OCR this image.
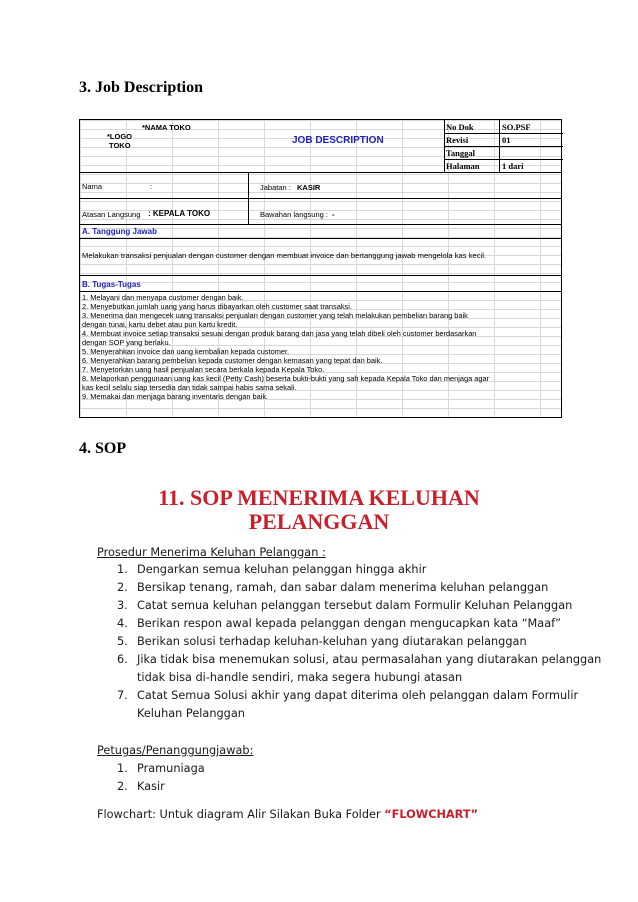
3. Job Description
*NAMA TOKO
*LOGO
TOKO	JOB DESCRIPTION
No Dok	SO.PSF
Revisi	01
Tanggal
Halaman	1 dari
Nama	:	Jabatan : KASIR
Atasan Langsung : KEPALA TOKO	Bawahan langsung : -
A. Tanggung Jawab
Melakukan transaksi penjualan dengan customer dengan membuat invoice dan bertanggung jawab mengelola kas kecil.
B. Tugas-Tugas
1. Melayani dan menyapa customer dengan baik.
2. Menyebutkan jumlah uang yang harus dibayarkan oleh customer saat transaksi.
3. Menerima dan mengecek uang transaksi penjualan dengan customer yang telah melakukan pembelian barang baik
dengan tunai, kartu debet atau pun kartu kredit.
4. Membuat invoice setiap transaksi sesuai dengan produk barang dan jasa yang telah dibeli oleh customer berdasarkan
dengan SOP yang berlaku.
5. Menyerahkan invoice dan uang kembalian kepada customer.
6. Menyerahkan barang pembelian kepada customer dengan kemasan yang tepat dan baik.
7. Menyetorkan uang hasil penjualan secara berkala kepada Kepala Toko.
8. Melaporkan penggunaan uang kas kecil (Petty Cash) beserta bukti-bukti yang sah kepada Kepala Toko dan menjaga agar
kas kecil selalu siap tersedia dan tidak sampai habis sama sekali.
9. Memakai dan menjaga barang inventaris dengan baik.
4. SOP
11. SOP MENERIMA KELUHAN
PELANGGAN
Prosedur Menerima Keluhan Pelanggan :
1. Dengarkan semua keluhan pelanggan hingga akhir
2. Bersikap tenang, ramah, dan sabar dalam menerima keluhan pelanggan
3. Catat semua keluhan pelanggan tersebut dalam Formulir Keluhan Pelanggan
4. Berikan respon awal kepada pelanggan dengan mengucapkan kata “Maaf”
5. Berikan solusi terhadap keluhan-keluhan yang diutarakan pelanggan
6. Jika tidak bisa menemukan solusi, atau permasalahan yang diutarakan pelanggan
tidak bisa di-handle sendiri, maka segera hubungi atasan
7. Catat Semua Solusi akhir yang dapat diterima oleh pelanggan dalam Formulir
Keluhan Pelanggan
Petugas/Penanggungjawab:
1. Pramuniaga
2. Kasir
Flowchart: Untuk diagram Alir Silakan Buka Folder “FLOWCHART”
